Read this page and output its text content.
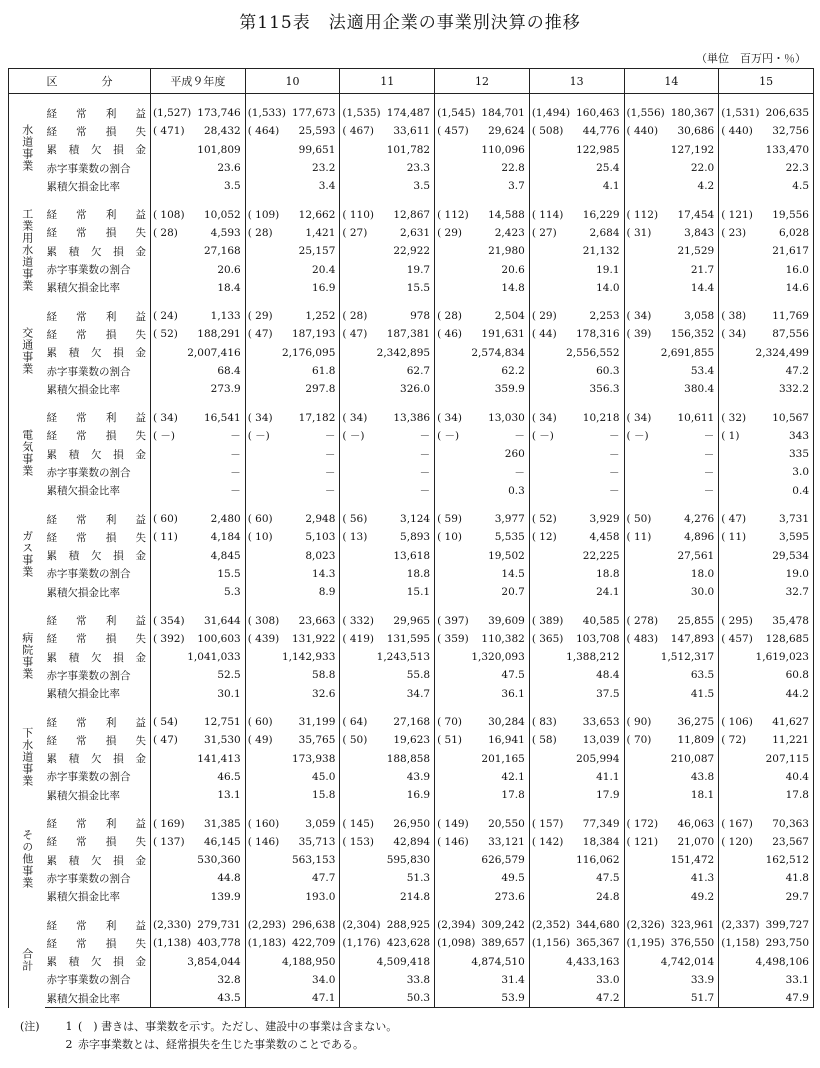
第115表　法適用企業の事業別決算の推移
（単位　百万円・％）
区　　　　分		平成９年度	10	11	12	13	14	15

水道事業	経常利益	(1,527) 173,746	(1,533) 177,673	(1,535) 174,487	(1,545) 184,701	(1,494) 160,463	(1,556) 180,367	(1,531) 206,635

	経常損失	( 471) 28,432	( 464) 25,593	( 467) 33,611	( 457) 29,624	( 508) 44,776	( 440) 30,686	( 440) 32,756

	累積欠損金	101,809	99,651	101,782	110,096	122,985	127,192	133,470

	赤字事業数の割合	23.6	23.2	23.3	22.8	25.4	22.0	22.3

	累積欠損金比率	3.5	3.4	3.5	3.7	4.1	4.2	4.5

工業用水道事業	経常利益	( 108) 10,052	( 109) 12,662	( 110) 12,867	( 112) 14,588	( 114) 16,229	( 112) 17,454	( 121) 19,556

	経常損失	( 28) 4,593	( 28) 1,421	( 27) 2,631	( 29) 2,423	( 27) 2,684	( 31) 3,843	( 23) 6,028

	累積欠損金	27,168	25,157	22,922	21,980	21,132	21,529	21,617

	赤字事業数の割合	20.6	20.4	19.7	20.6	19.1	21.7	16.0

	累積欠損金比率	18.4	16.9	15.5	14.8	14.0	14.4	14.6

交通事業	経常利益	( 24) 1,133	( 29) 1,252	( 28) 978	( 28) 2,504	( 29) 2,253	( 34) 3,058	( 38) 11,769

	経常損失	( 52) 188,291	( 47) 187,193	( 47) 187,381	( 46) 191,631	( 44) 178,316	( 39) 156,352	( 34) 87,556

	累積欠損金	2,007,416	2,176,095	2,342,895	2,574,834	2,556,552	2,691,855	2,324,499

	赤字事業数の割合	68.4	61.8	62.7	62.2	60.3	53.4	47.2

	累積欠損金比率	273.9	297.8	326.0	359.9	356.3	380.4	332.2

電気事業	経常利益	( 34) 16,541	( 34) 17,182	( 34) 13,386	( 34) 13,030	( 34) 10,218	( 34) 10,611	( 32) 10,567

	経常損失	( －) －	( －) －	( －) －	( －) －	( －) －	( －) －	( 1) 343

	累積欠損金	－	－	－	260	－	－	335

	赤字事業数の割合	－	－	－	－	－	－	3.0

	累積欠損金比率	－	－	－	0.3	－	－	0.4

ガス事業	経常利益	( 60) 2,480	( 60) 2,948	( 56) 3,124	( 59) 3,977	( 52) 3,929	( 50) 4,276	( 47) 3,731

	経常損失	( 11) 4,184	( 10) 5,103	( 13) 5,893	( 10) 5,535	( 12) 4,458	( 11) 4,896	( 11) 3,595

	累積欠損金	4,845	8,023	13,618	19,502	22,225	27,561	29,534

	赤字事業数の割合	15.5	14.3	18.8	14.5	18.8	18.0	19.0

	累積欠損金比率	5.3	8.9	15.1	20.7	24.1	30.0	32.7

病院事業	経常利益	( 354) 31,644	( 308) 23,663	( 332) 29,965	( 397) 39,609	( 389) 40,585	( 278) 25,855	( 295) 35,478

	経常損失	( 392) 100,603	( 439) 131,922	( 419) 131,595	( 359) 110,382	( 365) 103,708	( 483) 147,893	( 457) 128,685

	累積欠損金	1,041,033	1,142,933	1,243,513	1,320,093	1,388,212	1,512,317	1,619,023

	赤字事業数の割合	52.5	58.8	55.8	47.5	48.4	63.5	60.8

	累積欠損金比率	30.1	32.6	34.7	36.1	37.5	41.5	44.2

下水道事業	経常利益	( 54) 12,751	( 60) 31,199	( 64) 27,168	( 70) 30,284	( 83) 33,653	( 90) 36,275	( 106) 41,627

	経常損失	( 47) 31,530	( 49) 35,765	( 50) 19,623	( 51) 16,941	( 58) 13,039	( 70) 11,809	( 72) 11,221

	累積欠損金	141,413	173,938	188,858	201,165	205,994	210,087	207,115

	赤字事業数の割合	46.5	45.0	43.9	42.1	41.1	43.8	40.4

	累積欠損金比率	13.1	15.8	16.9	17.8	17.9	18.1	17.8

その他事業	経常利益	( 169) 31,385	( 160) 3,059	( 145) 26,950	( 149) 20,550	( 157) 77,349	( 172) 46,063	( 167) 70,363

	経常損失	( 137) 46,145	( 146) 35,713	( 153) 42,894	( 146) 33,121	( 142) 18,384	( 121) 21,070	( 120) 23,567

	累積欠損金	530,360	563,153	595,830	626,579	116,062	151,472	162,512

	赤字事業数の割合	44.8	47.7	51.3	49.5	47.5	41.3	41.8

	累積欠損金比率	139.9	193.0	214.8	273.6	24.8	49.2	29.7

合計	経常利益	(2,330) 279,731	(2,293) 296,638	(2,304) 288,925	(2,394) 309,242	(2,352) 344,680	(2,326) 323,961	(2,337) 399,727

	経常損失	(1,138) 403,778	(1,183) 422,709	(1,176) 423,628	(1,098) 389,657	(1,156) 365,367	(1,195) 376,550	(1,158) 293,750

	累積欠損金	3,854,044	4,188,950	4,509,418	4,874,510	4,433,163	4,742,014	4,498,106

	赤字事業数の割合	32.8	34.0	33.8	31.4	33.0	33.9	33.1

	累積欠損金比率	43.5	47.1	50.3	53.9	47.2	51.7	47.9
(注)	1 (　) 書きは、事業数を示す。ただし、建設中の事業は含まない。
2 赤字事業数とは、経常損失を生じた事業数のことである。
